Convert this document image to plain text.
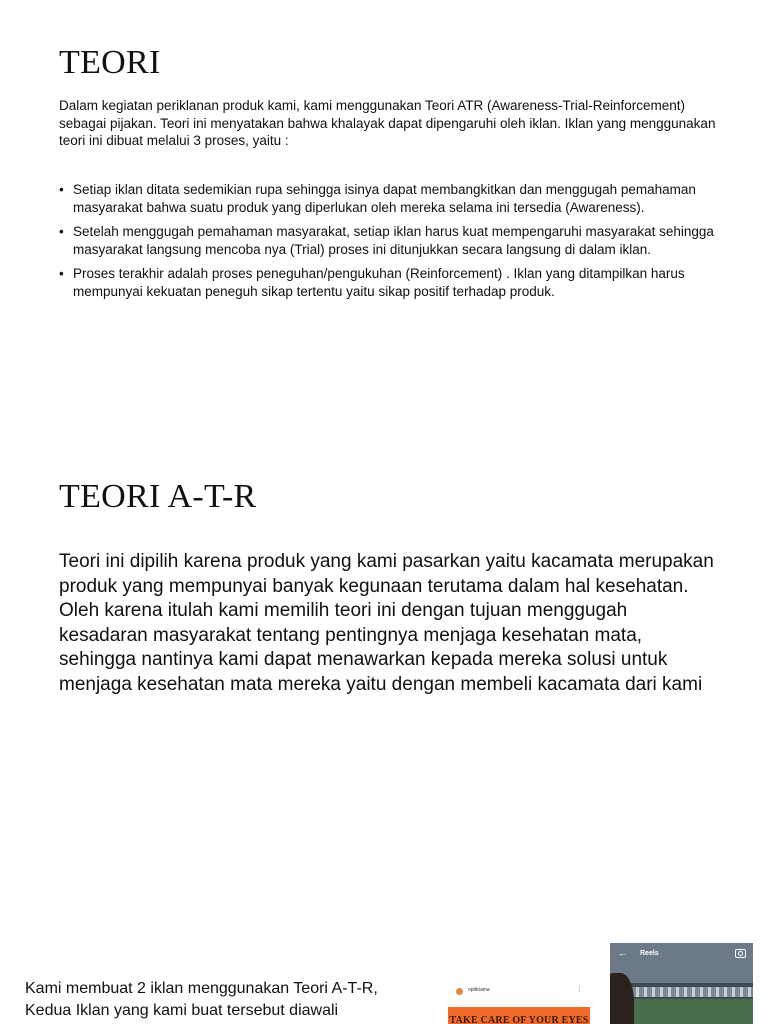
TEORI

Dalam kegiatan periklanan produk kami, kami menggunakan Teori ATR (Awareness-Trial-Reinforcement) sebagai pijakan. Teori ini menyatakan bahwa khalayak dapat dipengaruhi oleh iklan. Iklan yang menggunakan teori ini dibuat melalui 3 proses, yaitu :

• Setiap iklan ditata sedemikian rupa sehingga isinya dapat membangkitkan dan menggugah pemahaman masyarakat bahwa suatu produk yang diperlukan oleh mereka selama ini tersedia (Awareness).
• Setelah menggugah pemahaman masyarakat, setiap iklan harus kuat mempengaruhi masyarakat sehingga masyarakat langsung mencoba nya (Trial) proses ini ditunjukkan secara langsung di dalam iklan.
• Proses terakhir adalah proses peneguhan/pengukuhan (Reinforcement) . Iklan yang ditampilkan harus mempunyai kekuatan peneguh sikap tertentu yaitu sikap positif terhadap produk.
TEORI A-T-R

Teori ini dipilih karena produk yang kami pasarkan yaitu kacamata merupakan produk yang mempunyai banyak kegunaan terutama dalam hal kesehatan. Oleh karena itulah kami memilih teori ini dengan tujuan menggugah kesadaran masyarakat tentang pentingnya menjaga kesehatan mata, sehingga nantinya kami dapat menawarkan kepada mereka solusi untuk menjaga kesehatan mata mereka yaitu dengan membeli kacamata dari kami

Kami membuat 2 iklan menggunakan Teori A-T-R, Kedua Iklan yang kami buat tersebut diawali

optiktama	⋮
TAKE CARE OF YOUR EYES
← Reels
